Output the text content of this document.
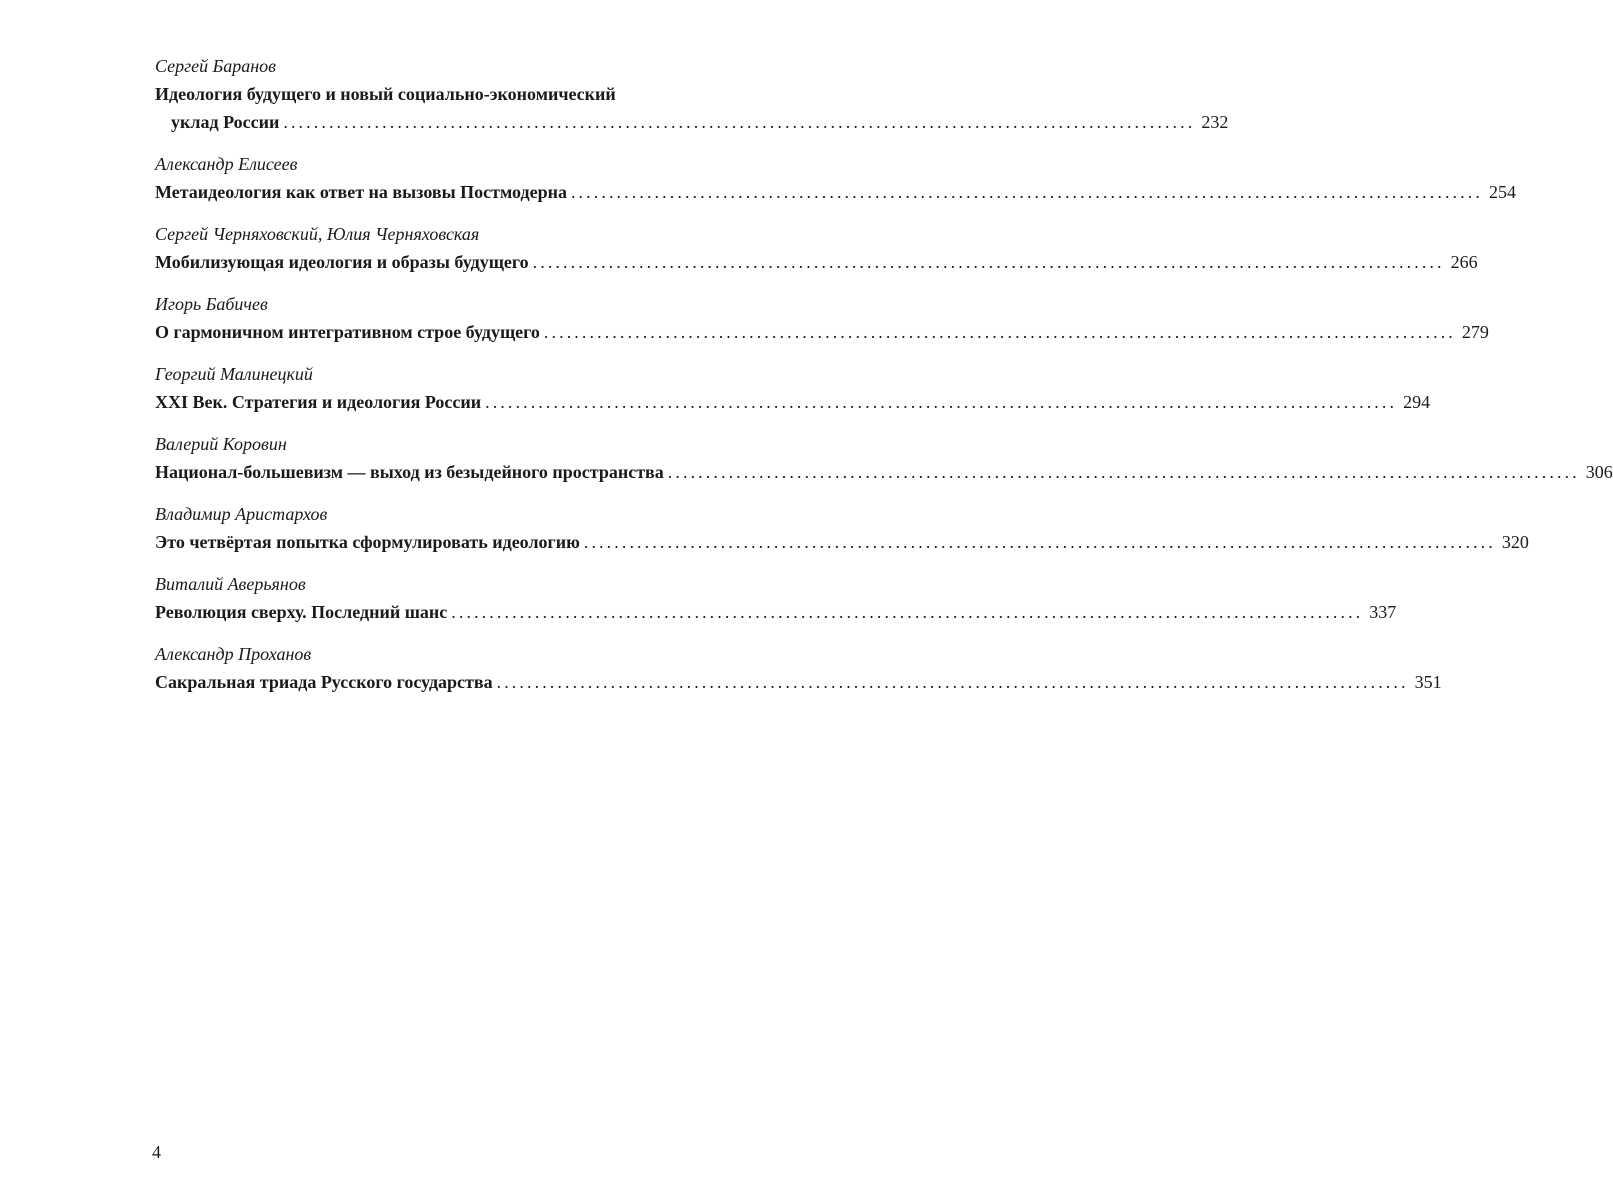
Сергей Баранов
Идеология будущего и новый социально-экономический
уклад России ........................................................................................................................ 232
Александр Елисеев
Метаидеология как ответ на вызовы Постмодерна ........................................................................................................................ 254
Сергей Черняховский, Юлия Черняховская
Мобилизующая идеология и образы будущего ........................................................................................................................ 266
Игорь Бабичев
О гармоничном интегративном строе будущего ........................................................................................................................ 279
Георгий Малинецкий
XXI Век. Стратегия и идеология России ........................................................................................................................ 294
Валерий Коровин
Национал-большевизм — выход из безыдейного пространства ........................................................................................................................ 306
Владимир Аристархов
Это четвёртая попытка сформулировать идеологию ........................................................................................................................ 320
Виталий Аверьянов
Революция сверху. Последний шанс ........................................................................................................................ 337
Александр Проханов
Сакральная триада Русского государства ........................................................................................................................ 351
4
